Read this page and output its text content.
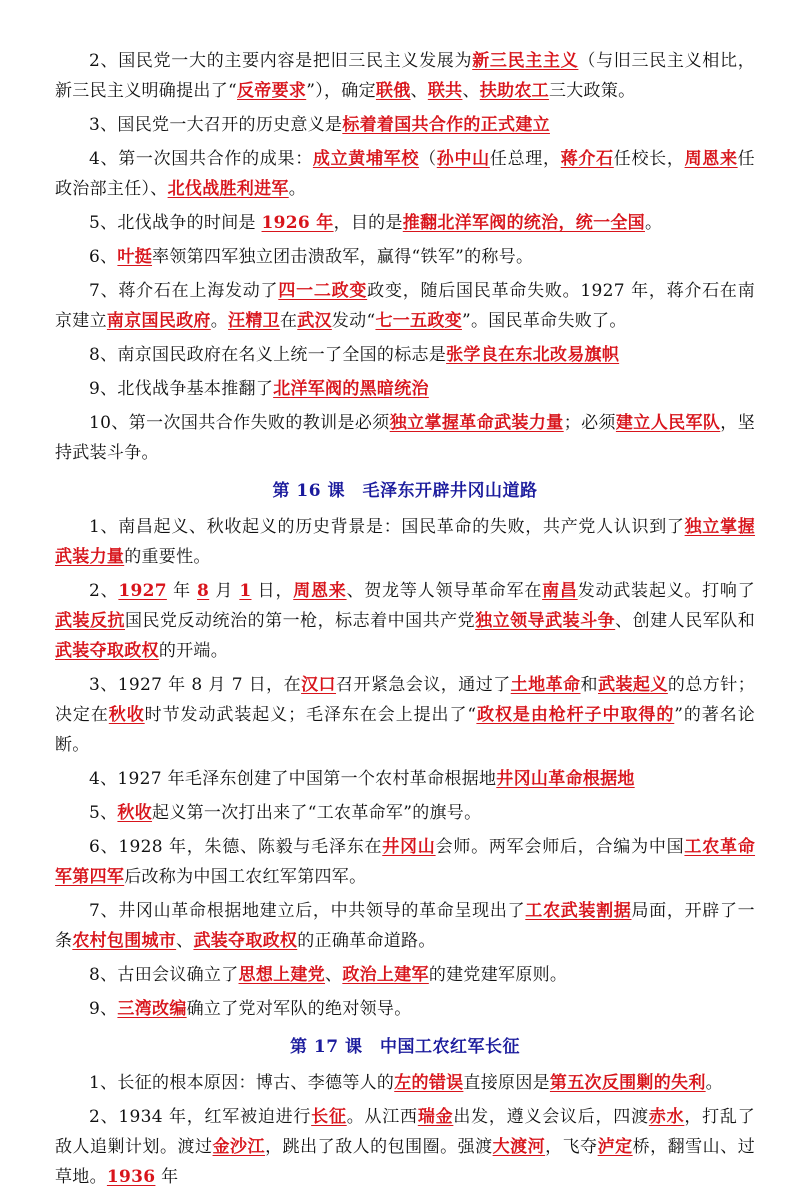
2、国民党一大的主要内容是把旧三民主义发展为新三民主主义（与旧三民主义相比，新三民主义明确提出了“反帝要求”），确定联俄、联共、扶助农工三大政策。

3、国民党一大召开的历史意义是标着着国共合作的正式建立

4、第一次国共合作的成果：成立黄埔军校（孙中山任总理，蒋介石任校长，周恩来任政治部主任）、北伐战胜利进军。

5、北伐战争的时间是 1926 年，目的是推翻北洋军阀的统治，统一全国。

6、叶挺率领第四军独立团击溃敌军，赢得“铁军”的称号。

7、蒋介石在上海发动了四一二政变政变，随后国民革命失败。1927 年，蒋介石在南京建立南京国民政府。汪精卫在武汉发动“七一五政变”。国民革命失败了。

8、南京国民政府在名义上统一了全国的标志是张学良在东北改易旗帜

9、北伐战争基本推翻了北洋军阀的黑暗统治

10、第一次国共合作失败的教训是必须独立掌握革命武装力量；必须建立人民军队，坚持武装斗争。

第 16 课　毛泽东开辟井冈山道路

1、南昌起义、秋收起义的历史背景是：国民革命的失败，共产党人认识到了独立掌握武装力量的重要性。

2、1927 年 8 月 1 日，周恩来、贺龙等人领导革命军在南昌发动武装起义。打响了武装反抗国民党反动统治的第一枪，标志着中国共产党独立领导武装斗争、创建人民军队和武装夺取政权的开端。

3、1927 年 8 月 7 日，在汉口召开紧急会议，通过了土地革命和武装起义的总方针；决定在秋收时节发动武装起义；毛泽东在会上提出了“政权是由枪杆子中取得的”的著名论断。

4、1927 年毛泽东创建了中国第一个农村革命根据地井冈山革命根据地

5、秋收起义第一次打出来了“工农革命军”的旗号。

6、1928 年，朱德、陈毅与毛泽东在井冈山会师。两军会师后，合编为中国工农革命军第四军后改称为中国工农红军第四军。

7、井冈山革命根据地建立后，中共领导的革命呈现出了工农武装割据局面，开辟了一条农村包围城市、武装夺取政权的正确革命道路。

8、古田会议确立了思想上建党、政治上建军的建党建军原则。

9、三湾改编确立了党对军队的绝对领导。

第 17 课　中国工农红军长征

1、长征的根本原因：博古、李德等人的左的错误直接原因是第五次反围剿的失利。

2、1934 年，红军被迫进行长征。从江西瑞金出发，遵义会议后，四渡赤水，打乱了敌人追剿计划。渡过金沙江，跳出了敌人的包围圈。强渡大渡河，飞夺泸定桥，翻雪山、过草地。1936 年
